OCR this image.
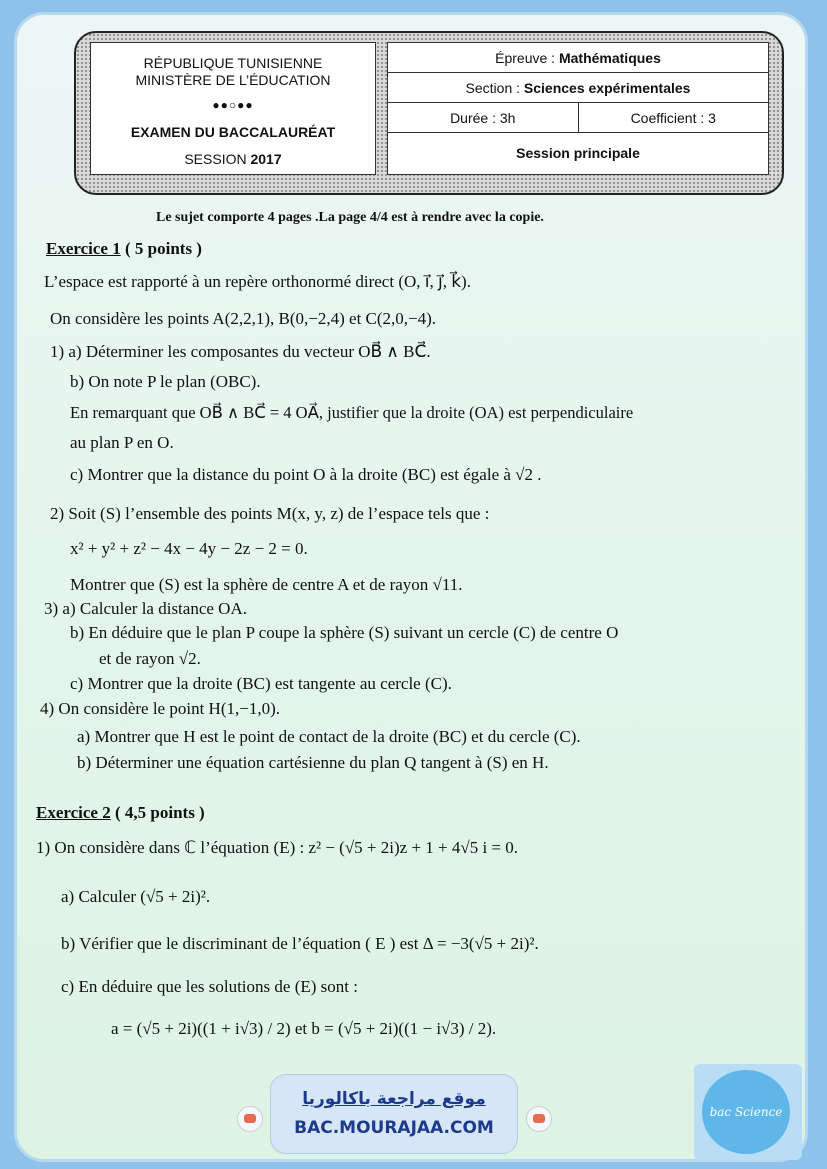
RÉPUBLIQUE TUNISIENNE
MINISTÈRE DE L’ÉDUCATION
●●○●●
EXAMEN DU BACCALAURÉAT
SESSION 2017
Épreuve :
Mathématiques
Section :
Sciences expérimentales
Durée : 3h	Coefficient : 3
Session principale
Le sujet comporte 4 pages .La page 4/4 est à rendre avec la copie.
Exercice 1 ( 5 points )
L’espace est rapporté à un repère orthonormé direct (O, i⃗, j⃗, k⃗).
On considère les points A(2,2,1), B(0,−2,4) et C(2,0,−4).
1) a) Déterminer les composantes du vecteur OB⃗ ∧ BC⃗.
b) On note P le plan (OBC).
En remarquant que OB⃗ ∧ BC⃗ = 4 OA⃗, justifier que la droite (OA) est perpendiculaire
au plan P en O.
c) Montrer que la distance du point O à la droite (BC) est égale à √2 .
2) Soit (S) l’ensemble des points M(x, y, z) de l’espace tels que :
x² + y² + z² − 4x − 4y − 2z − 2 = 0.
Montrer que (S) est la sphère de centre A et de rayon √11.
3) a) Calculer la distance OA.
b) En déduire que le plan P coupe la sphère (S) suivant un cercle (C) de centre O
et de rayon √2.
c) Montrer que la droite (BC) est tangente au cercle (C).
4) On considère le point H(1,−1,0).
a) Montrer que H est le point de contact de la droite (BC) et du cercle (C).
b) Déterminer une équation cartésienne du plan Q tangent à (S) en H.
Exercice 2 ( 4,5 points )
1) On considère dans ℂ l’équation (E) : z² − (√5 + 2i)z + 1 + 4√5 i = 0.
a) Calculer (√5 + 2i)².
b) Vérifier que le discriminant de l’équation ( E ) est Δ = −3(√5 + 2i)².
c) En déduire que les solutions de (E) sont :
a = (√5 + 2i)((1 + i√3) / 2) et b = (√5 + 2i)((1 − i√3) / 2).
موقع مراجعة باكالوريا
BAC.MOURAJAA.COM
bac Science
